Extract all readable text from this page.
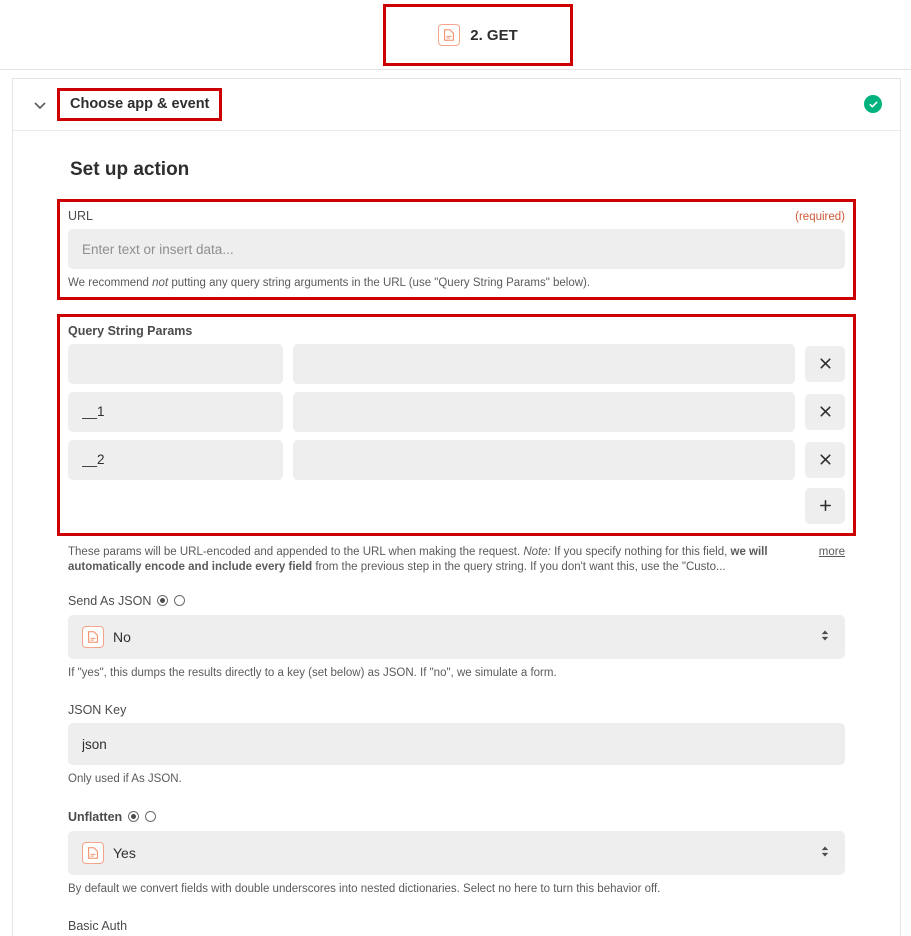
2. GET
Choose app & event
Set up action
URL	(required)
Enter text or insert data...
We recommend not putting any query string arguments in the URL (use "Query String Params" below).
Query String Params
__1
__2
more
These params will be URL-encoded and appended to the URL when making the request. Note: If you specify nothing for this field, we will automatically encode and include every field from the previous step in the query string. If you don't want this, use the "Custo...
Send As JSON
No
If "yes", this dumps the results directly to a key (set below) as JSON. If "no", we simulate a form.
JSON Key
json
Only used if As JSON.
Unflatten
Yes
By default we convert fields with double underscores into nested dictionaries. Select no here to turn this behavior off.
Basic Auth
